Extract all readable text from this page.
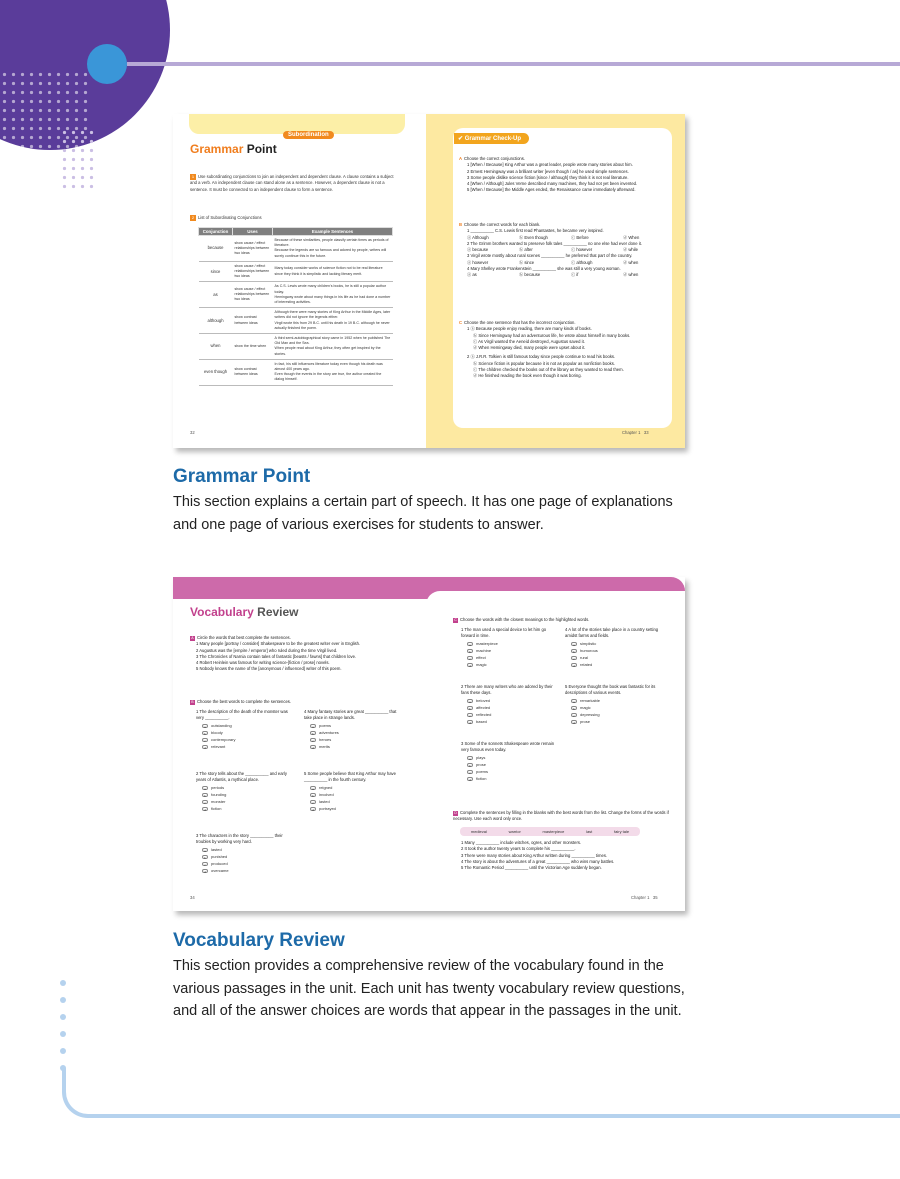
Subordination
Grammar Point
1 Use subordinating conjunctions to join an independent and dependent clause. A clause contains a subject and a verb. An independent clause can stand alone as a sentence. However, a dependent clause is not a sentence. It must be connected to an independent clause to form a sentence.
2 List of Subordinating Conjunctions
Conjunction	Uses	Example Sentences
because	show cause / effect relationships between two ideas	Because of these similarities, people classify certain times as periods of literature.
Because the legends are so famous and adored by people, writers will surely continue this in the future.

since	show cause / effect relationships between two ideas	Many today consider works of science fiction not to be real literature since they think it is simplistic and lacking literary merit.

as	show cause / effect relationships between two ideas	As C.S. Lewis wrote many children's books, he is still a popular author today.
Hemingway wrote about many things in his life as he had done a number of interesting activities.

although	show contrast between ideas	Although there were many stories of King Arthur in the Middle Ages, later writers did not ignore the legends either.
Virgil wrote this from 29 B.C. until his death in 19 B.C. although he never actually finished the poem.

when	show the time when	A third semi-autobiographical story came in 1952 when he published The Old Man and the Sea.
When people read about King Arthur, they often get inspired by the stories.

even though	show contrast between ideas	In fact, his still influences literature today even though his death was almost 400 years ago.
Even though the events in the story are true, the author created the dialog himself.
32
✔ Grammar Check-Up
A Choose the correct conjunctions.
1 [When / Because] King Arthur was a great leader, people wrote many stories about him.
2 Ernest Hemingway was a brilliant writer [even though / as] he used simple sentences.
3 Some people dislike science fiction [since / although] they think it is not real literature.
4 [When / Although] Jules Verne described many machines, they had not yet been invented.
5 [When / Because] the Middle Ages ended, the Renaissance came immediately afterward.
B Choose the correct words for each blank.
1 __________ C.S. Lewis first read Phantastes, he became very inspired.
ⓐ Although	ⓑ Even though	ⓒ Before	ⓓ When
2 The Grimm brothers wanted to preserve folk tales __________ no one else had ever done it.
ⓐ because	ⓑ after	ⓒ however	ⓓ while
3 Virgil wrote mostly about rural scenes __________ he preferred that part of the country.
ⓐ however	ⓑ since	ⓒ although	ⓓ when
4 Mary Shelley wrote Frankenstein __________ she was still a very young woman.
ⓐ as	ⓑ because	ⓒ if	ⓓ when
C Choose the one sentence that has the incorrect conjunction.
1 ⓐ Because people enjoy reading, there are many kinds of books.
ⓑ Since Hemingway had an adventurous life, he wrote about himself in many books.
ⓒ As Virgil wanted the Aeneid destroyed, Augustus saved it.
ⓓ When Hemingway died, many people were upset about it.
2 ⓐ J.R.R. Tolkien is still famous today since people continue to read his books.
ⓑ Science fiction is popular because it is not as popular as nonfiction books.
ⓒ The children checked the books out of the library as they wanted to read them.
ⓓ He finished reading the book even though it was boring.
Chapter 1 33
Grammar Point
This section explains a certain part of speech. It has one page of explanations and one page of various exercises for students to answer.
Vocabulary Review
A Circle the words that best complete the sentences.
1 Many people [portray / consider] Shakespeare to be the greatest writer ever in English.
2 Augustus was the [empire / emperor] who ruled during the time Virgil lived.
3 The Chronicles of Narnia contain tales of fantastic [beasts / fawns] that children love.
4 Robert Heinlein was famous for writing science-[fiction / prose] novels.
5 Nobody knows the name of the [anonymous / influenced] writer of this poem.
B Choose the best words to complete the sentences.
1 The description of the death of the monster was very __________.
a outstanding
b bloody
c contemporary
d relevant
4 Many fantasy stories are great __________ that take place in strange lands.
a poems
b adventures
c heroes
d merits
2 The story tells about the __________ and early years of Atlantis, a mythical place.
a periods
b founding
c monster
d fiction
5 Some people believe that King Arthur may have __________ in the fourth century.
a reigned
b involved
c lasted
d portrayed
3 The characters in the story __________ their troubles by working very hard.
a lasted
b punished
c produced
d overcame
C Choose the words with the closest meanings to the highlighted words.
1 The man used a special device to let him go forward in time.
a masterpiece
b machine
c effect
d magic
4 A lot of the stories take place in a country setting amidst farms and fields.
a simplistic
b humorous
c rural
d related
2 There are many writers who are adored by their fans these days.
a beloved
b affected
c reflected
d based
5 Everyone thought the book was fantastic for its descriptions of various events.
a remarkable
b magic
c depressing
d prose
3 Some of the sonnets Shakespeare wrote remain very famous even today.
a plays
b prose
c poems
d fiction
D Complete the sentences by filling in the blanks with the best words from the list. Change the forms of the words if necessary. Use each word only once.
medieval	warrior	masterpiece	last	fairy tale
1 Many __________ include witches, ogres, and other monsters.
2 It took the author twenty years to complete his __________.
3 There were many stories about King Arthur written during __________ times.
4 The story is about the adventures of a great __________ who wins many battles.
5 The Romantic Period __________ until the Victorian Age suddenly began.
34	Chapter 1 35
Vocabulary Review
This section provides a comprehensive review of the vocabulary found in the various passages in the unit. Each unit has twenty vocabulary review questions, and all of the answer choices are words that appear in the passages in the unit.
